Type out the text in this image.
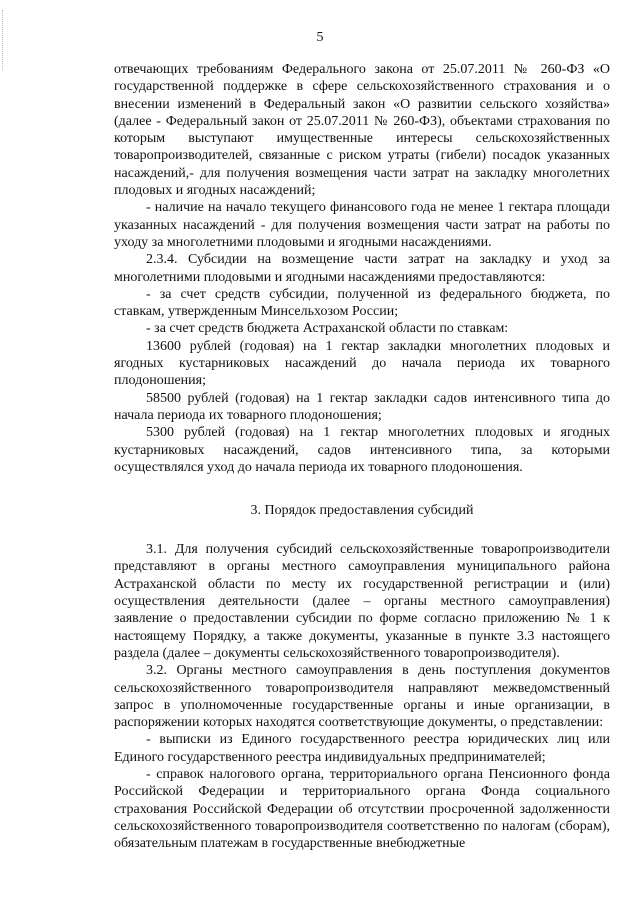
5

отвечающих требованиям Федерального закона от 25.07.2011 № 260-ФЗ «О государственной поддержке в сфере сельскохозяйственного страхования и о внесении изменений в Федеральный закон «О развитии сельского хозяйства» (далее - Федеральный закон от 25.07.2011 № 260-ФЗ), объектами страхования по которым выступают имущественные интересы сельскохозяйственных товаропроизводителей, связанные с риском утраты (гибели) посадок указанных насаждений,- для получения возмещения части затрат на закладку многолетних плодовых и ягодных насаждений;

- наличие на начало текущего финансового года не менее 1 гектара площади указанных насаждений - для получения возмещения части затрат на работы по уходу за многолетними плодовыми и ягодными насаждениями.

2.3.4. Субсидии на возмещение части затрат на закладку и уход за многолетними плодовыми и ягодными насаждениями предоставляются:

- за счет средств субсидии, полученной из федерального бюджета, по ставкам, утвержденным Минсельхозом России;

- за счет средств бюджета Астраханской области по ставкам:

13600 рублей (годовая) на 1 гектар закладки многолетних плодовых и ягодных кустарниковых насаждений до начала периода их товарного плодоношения;

58500 рублей (годовая) на 1 гектар закладки садов интенсивного типа до начала периода их товарного плодоношения;

5300 рублей (годовая) на 1 гектар многолетних плодовых и ягодных кустарниковых насаждений, садов интенсивного типа, за которыми осуществлялся уход до начала периода их товарного плодоношения.

3. Порядок предоставления субсидий

3.1. Для получения субсидий сельскохозяйственные товаропроизводители представляют в органы местного самоуправления муниципального района Астраханской области по месту их государственной регистрации и (или) осуществления деятельности (далее – органы местного самоуправления) заявление о предоставлении субсидии по форме согласно приложению № 1 к настоящему Порядку, а также документы, указанные в пункте 3.3 настоящего раздела (далее – документы сельскохозяйственного товаропроизводителя).

3.2. Органы местного самоуправления в день поступления документов сельскохозяйственного товаропроизводителя направляют межведомственный запрос в уполномоченные государственные органы и иные организации, в распоряжении которых находятся соответствующие документы, о представлении:

- выписки из Единого государственного реестра юридических лиц или Единого государственного реестра индивидуальных предпринимателей;

- справок налогового органа, территориального органа Пенсионного фонда Российской Федерации и территориального органа Фонда социального страхования Российской Федерации об отсутствии просроченной задолженности сельскохозяйственного товаропроизводителя соответственно по налогам (сборам), обязательным платежам в государственные внебюджетные
